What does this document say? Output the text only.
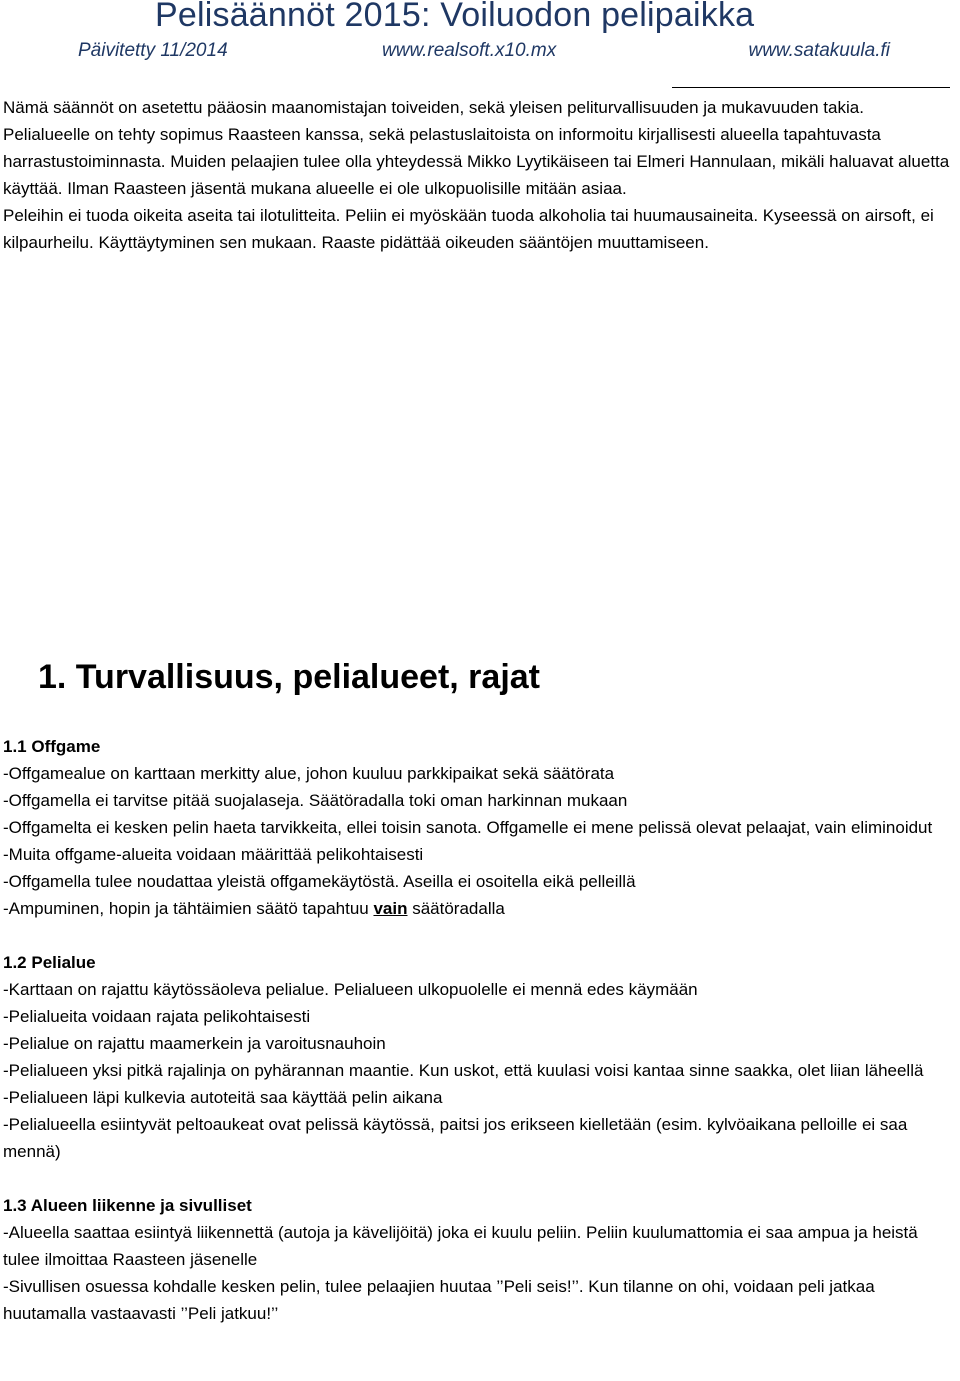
Pelisäännöt 2015: Voiluodon pelipaikka
Päivitetty 11/2014	www.realsoft.x10.mx	www.satakuula.fi

Nämä säännöt on asetettu pääosin maanomistajan toiveiden, sekä yleisen peliturvallisuuden ja mukavuuden takia. Pelialueelle on tehty sopimus Raasteen kanssa, sekä pelastuslaitoista on informoitu kirjallisesti alueella tapahtuvasta harrastustoiminnasta. Muiden pelaajien tulee olla yhteydessä Mikko Lyytikäiseen tai Elmeri Hannulaan, mikäli haluavat aluetta käyttää. Ilman Raasteen jäsentä mukana alueelle ei ole ulkopuolisille mitään asiaa.

Peleihin ei tuoda oikeita aseita tai ilotulitteita. Peliin ei myöskään tuoda alkoholia tai huumausaineita. Kyseessä on airsoft, ei kilpaurheilu. Käyttäytyminen sen mukaan. Raaste pidättää oikeuden sääntöjen muuttamiseen.

1. Turvallisuus, pelialueet, rajat

1.1 Offgame

-Offgamealue on karttaan merkitty alue, johon kuuluu parkkipaikat sekä säätörata

-Offgamella ei tarvitse pitää suojalaseja. Säätöradalla toki oman harkinnan mukaan

-Offgamelta ei kesken pelin haeta tarvikkeita, ellei toisin sanota. Offgamelle ei mene pelissä olevat pelaajat, vain eliminoidut

-Muita offgame-alueita voidaan määrittää pelikohtaisesti

-Offgamella tulee noudattaa yleistä offgamekäytöstä. Aseilla ei osoitella eikä pelleillä

-Ampuminen, hopin ja tähtäimien säätö tapahtuu vain säätöradalla

1.2 Pelialue

-Karttaan on rajattu käytössäoleva pelialue. Pelialueen ulkopuolelle ei mennä edes käymään

-Pelialueita voidaan rajata pelikohtaisesti

-Pelialue on rajattu maamerkein ja varoitusnauhoin

-Pelialueen yksi pitkä rajalinja on pyhärannan maantie. Kun uskot, että kuulasi voisi kantaa sinne saakka, olet liian läheellä

-Pelialueen läpi kulkevia autoteitä saa käyttää pelin aikana

-Pelialueella esiintyvät peltoaukeat ovat pelissä käytössä, paitsi jos erikseen kielletään (esim. kylvöaikana pelloille ei saa mennä)

1.3 Alueen liikenne ja sivulliset

-Alueella saattaa esiintyä liikennettä (autoja ja kävelijöitä) joka ei kuulu peliin. Peliin kuulumattomia ei saa ampua ja heistä tulee ilmoittaa Raasteen jäsenelle

-Sivullisen osuessa kohdalle kesken pelin, tulee pelaajien huutaa ’’Peli seis!’’. Kun tilanne on ohi, voidaan peli jatkaa huutamalla vastaavasti ’’Peli jatkuu!’’
